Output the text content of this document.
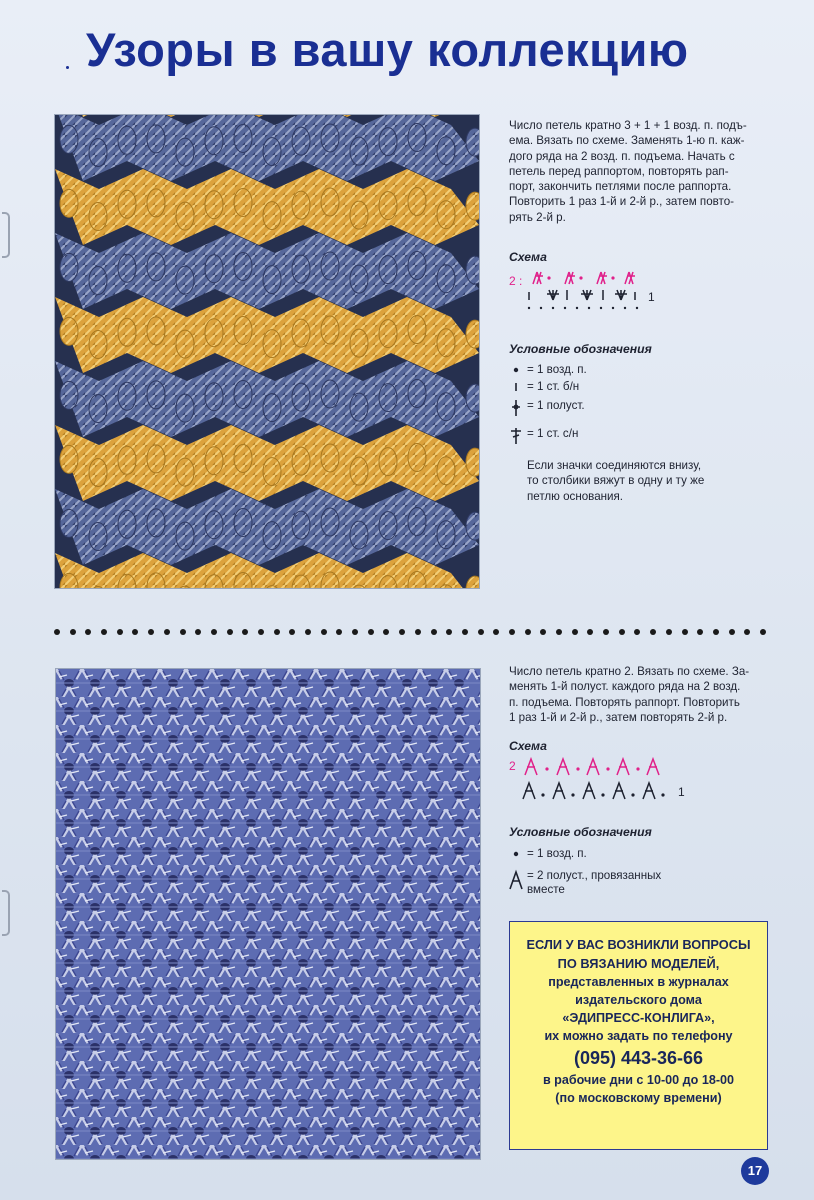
Узоры в вашу коллекцию
Число петель кратно 3 + 1 + 1 возд. п. подъ-
ема. Вязать по схеме. Заменять 1-ю п. каж-
дого ряда на 2 возд. п. подъема. Начать с
петель перед раппортом, повторять рап-
порт, закончить петлями после раппорта.
Повторить 1 раз 1-й и 2-й р., затем повто-
рять 2-й р.
Схема
2 :
1
Условные обозначения
= 1 возд. п.
= 1 ст. б/н
= 1 полуст.
= 1 ст. с/н
Если значки соединяются внизу,
то столбики вяжут в одну и ту же
петлю основания.
Число петель кратно 2. Вязать по схеме. За-
менять 1-й полуст. каждого ряда на 2 возд.
п. подъема. Повторять раппорт. Повторить
1 раз 1-й и 2-й р., затем повторять 2-й р.
Схема
2
1
Условные обозначения
= 1 возд. п.
= 2 полуст., провязанных
вместе
ЕСЛИ У ВАС ВОЗНИКЛИ ВОПРОСЫ
ПО ВЯЗАНИЮ МОДЕЛЕЙ,
представленных в журналах
издательского дома
«ЭДИПРЕСС-КОНЛИГА»,
их можно задать по телефону
(095) 443-36-66
в рабочие дни с 10-00 до 18-00
(по московскому времени)
17
